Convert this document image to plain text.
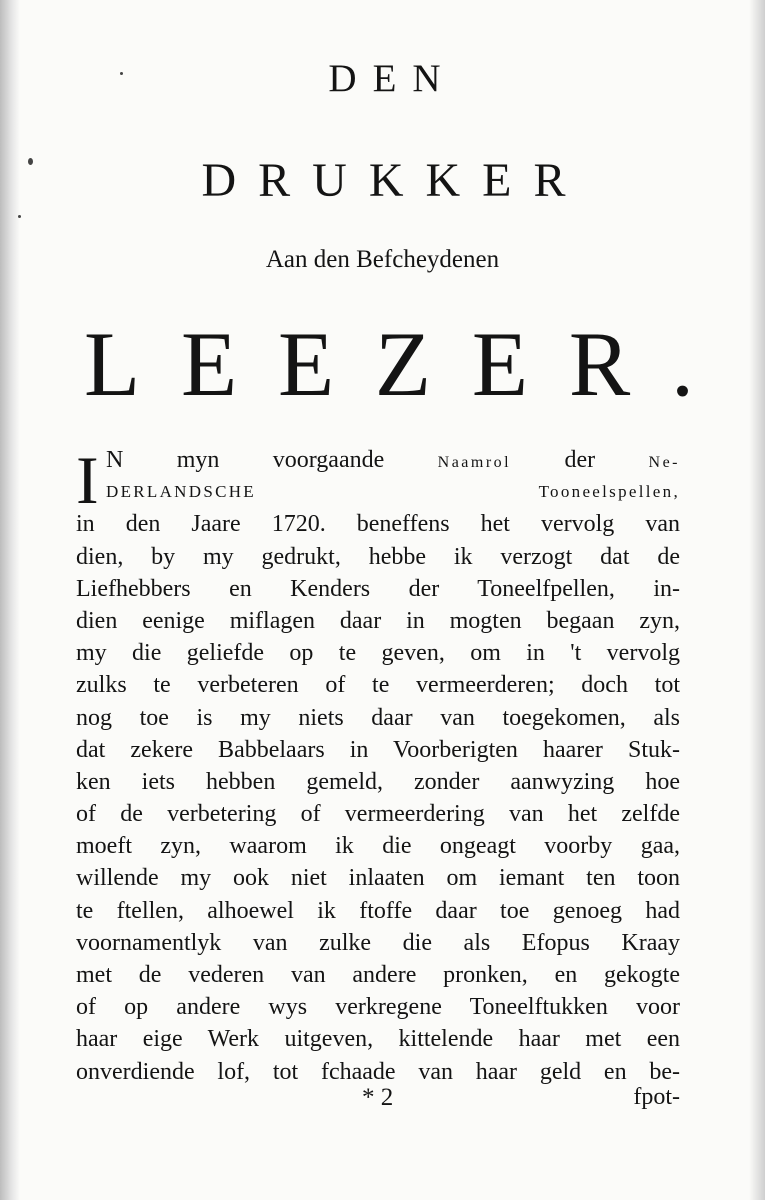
DEN
DRUKKER
Aan den Befcheydenen
L E E Z E R .
I N myn voorgaande Naamrol der Ne-
DERLANDSCHE	Tooneelspellen,
in den Jaare 1720. beneffens het vervolg van
dien, by my gedrukt, hebbe ik verzogt dat de
Liefhebbers en Kenders der Toneelfpellen, in-
dien eenige miflagen daar in mogten begaan zyn,
my die geliefde op te geven, om in 't vervolg
zulks te verbeteren of te vermeerderen; doch tot
nog toe is my niets daar van toegekomen, als
dat zekere Babbelaars in Voorberigten haarer Stuk-
ken iets hebben gemeld, zonder aanwyzing hoe
of de verbetering of vermeerdering van het zelfde
moeft zyn, waarom ik die ongeagt voorby gaa,
willende my ook niet inlaaten om iemant ten toon
te ftellen, alhoewel ik ftoffe daar toe genoeg had
voornamentlyk van zulke die als Efopus Kraay
met de vederen van andere pronken, en gekogte
of op andere wys verkregene Toneelftukken voor
haar eige Werk uitgeven, kittelende haar met een
onverdiende lof, tot fchaade van haar geld en be-
* 2	fpot-
